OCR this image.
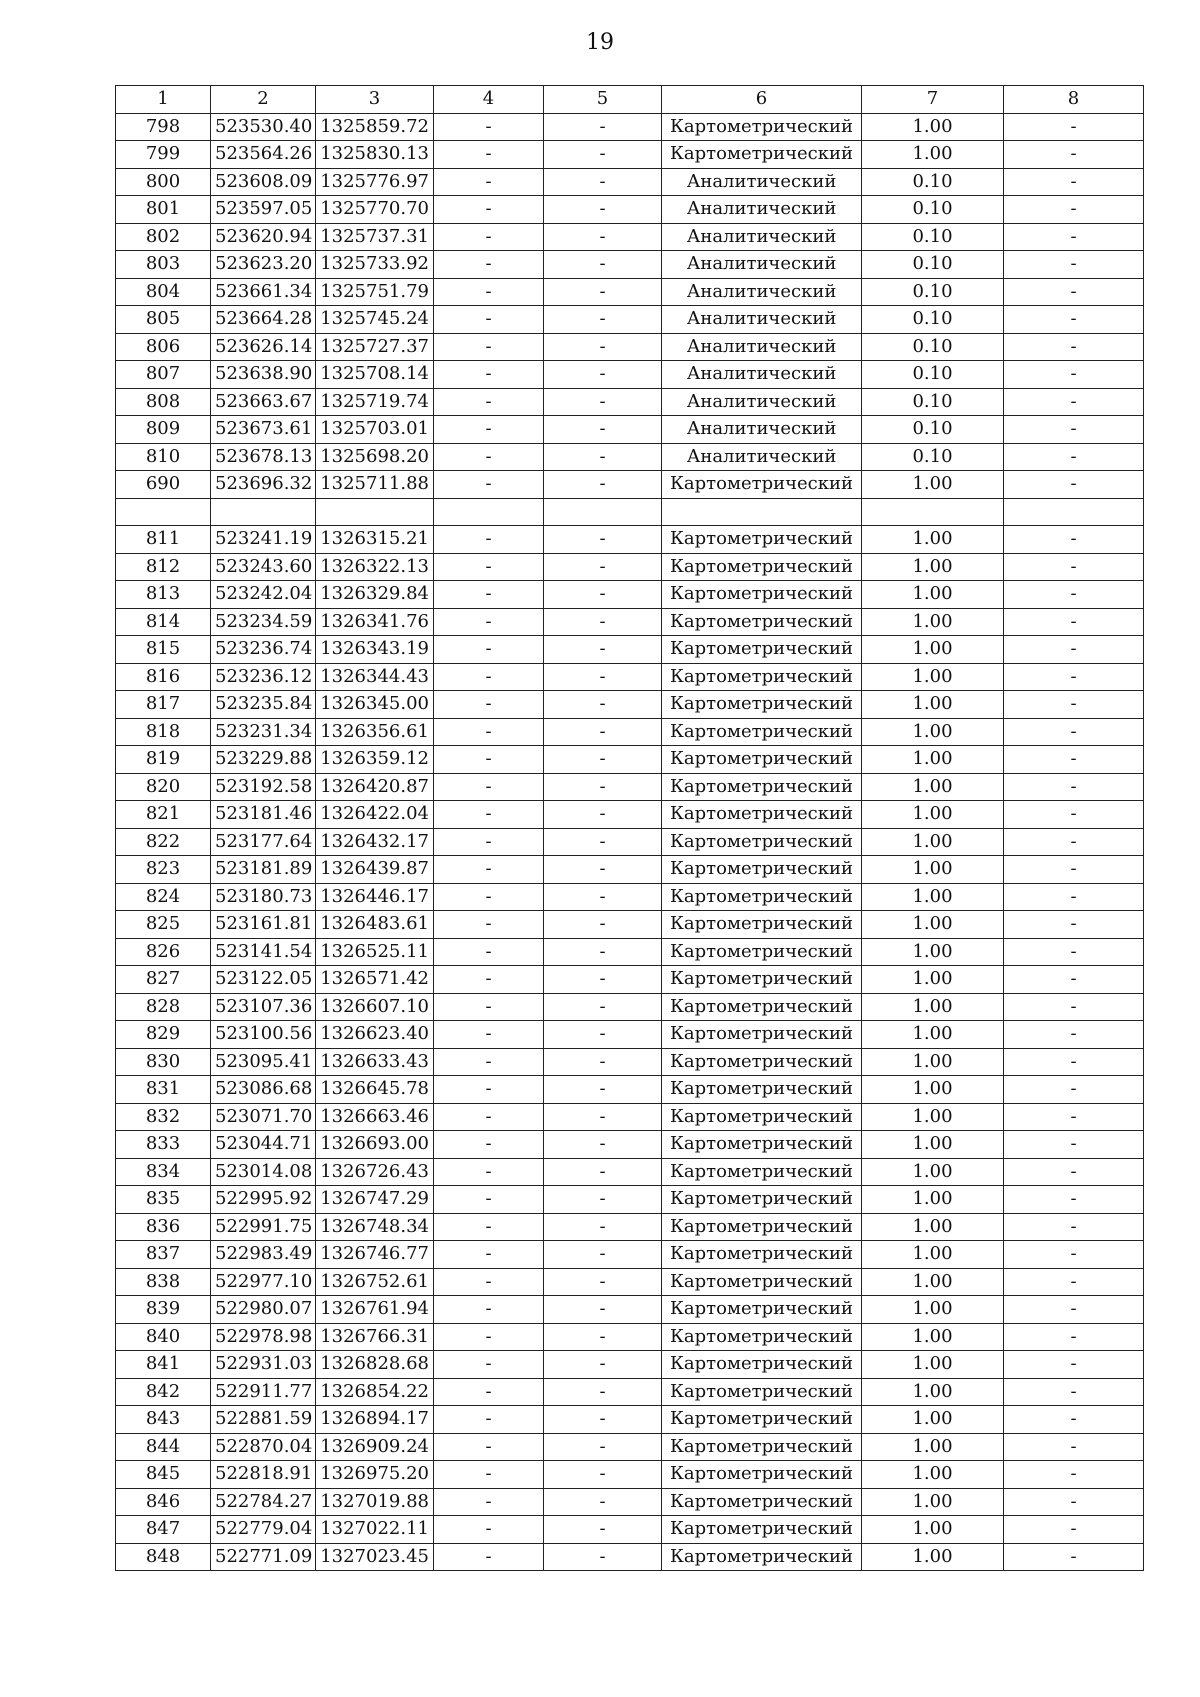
19
1	2	3	4	5	6	7	8
798	523530.40	1325859.72	-	-	Картометрический	1.00	-
799	523564.26	1325830.13	-	-	Картометрический	1.00	-
800	523608.09	1325776.97	-	-	Аналитический	0.10	-
801	523597.05	1325770.70	-	-	Аналитический	0.10	-
802	523620.94	1325737.31	-	-	Аналитический	0.10	-
803	523623.20	1325733.92	-	-	Аналитический	0.10	-
804	523661.34	1325751.79	-	-	Аналитический	0.10	-
805	523664.28	1325745.24	-	-	Аналитический	0.10	-
806	523626.14	1325727.37	-	-	Аналитический	0.10	-
807	523638.90	1325708.14	-	-	Аналитический	0.10	-
808	523663.67	1325719.74	-	-	Аналитический	0.10	-
809	523673.61	1325703.01	-	-	Аналитический	0.10	-
810	523678.13	1325698.20	-	-	Аналитический	0.10	-
690	523696.32	1325711.88	-	-	Картометрический	1.00	-

811	523241.19	1326315.21	-	-	Картометрический	1.00	-
812	523243.60	1326322.13	-	-	Картометрический	1.00	-
813	523242.04	1326329.84	-	-	Картометрический	1.00	-
814	523234.59	1326341.76	-	-	Картометрический	1.00	-
815	523236.74	1326343.19	-	-	Картометрический	1.00	-
816	523236.12	1326344.43	-	-	Картометрический	1.00	-
817	523235.84	1326345.00	-	-	Картометрический	1.00	-
818	523231.34	1326356.61	-	-	Картометрический	1.00	-
819	523229.88	1326359.12	-	-	Картометрический	1.00	-
820	523192.58	1326420.87	-	-	Картометрический	1.00	-
821	523181.46	1326422.04	-	-	Картометрический	1.00	-
822	523177.64	1326432.17	-	-	Картометрический	1.00	-
823	523181.89	1326439.87	-	-	Картометрический	1.00	-
824	523180.73	1326446.17	-	-	Картометрический	1.00	-
825	523161.81	1326483.61	-	-	Картометрический	1.00	-
826	523141.54	1326525.11	-	-	Картометрический	1.00	-
827	523122.05	1326571.42	-	-	Картометрический	1.00	-
828	523107.36	1326607.10	-	-	Картометрический	1.00	-
829	523100.56	1326623.40	-	-	Картометрический	1.00	-
830	523095.41	1326633.43	-	-	Картометрический	1.00	-
831	523086.68	1326645.78	-	-	Картометрический	1.00	-
832	523071.70	1326663.46	-	-	Картометрический	1.00	-
833	523044.71	1326693.00	-	-	Картометрический	1.00	-
834	523014.08	1326726.43	-	-	Картометрический	1.00	-
835	522995.92	1326747.29	-	-	Картометрический	1.00	-
836	522991.75	1326748.34	-	-	Картометрический	1.00	-
837	522983.49	1326746.77	-	-	Картометрический	1.00	-
838	522977.10	1326752.61	-	-	Картометрический	1.00	-
839	522980.07	1326761.94	-	-	Картометрический	1.00	-
840	522978.98	1326766.31	-	-	Картометрический	1.00	-
841	522931.03	1326828.68	-	-	Картометрический	1.00	-
842	522911.77	1326854.22	-	-	Картометрический	1.00	-
843	522881.59	1326894.17	-	-	Картометрический	1.00	-
844	522870.04	1326909.24	-	-	Картометрический	1.00	-
845	522818.91	1326975.20	-	-	Картометрический	1.00	-
846	522784.27	1327019.88	-	-	Картометрический	1.00	-
847	522779.04	1327022.11	-	-	Картометрический	1.00	-
848	522771.09	1327023.45	-	-	Картометрический	1.00	-
